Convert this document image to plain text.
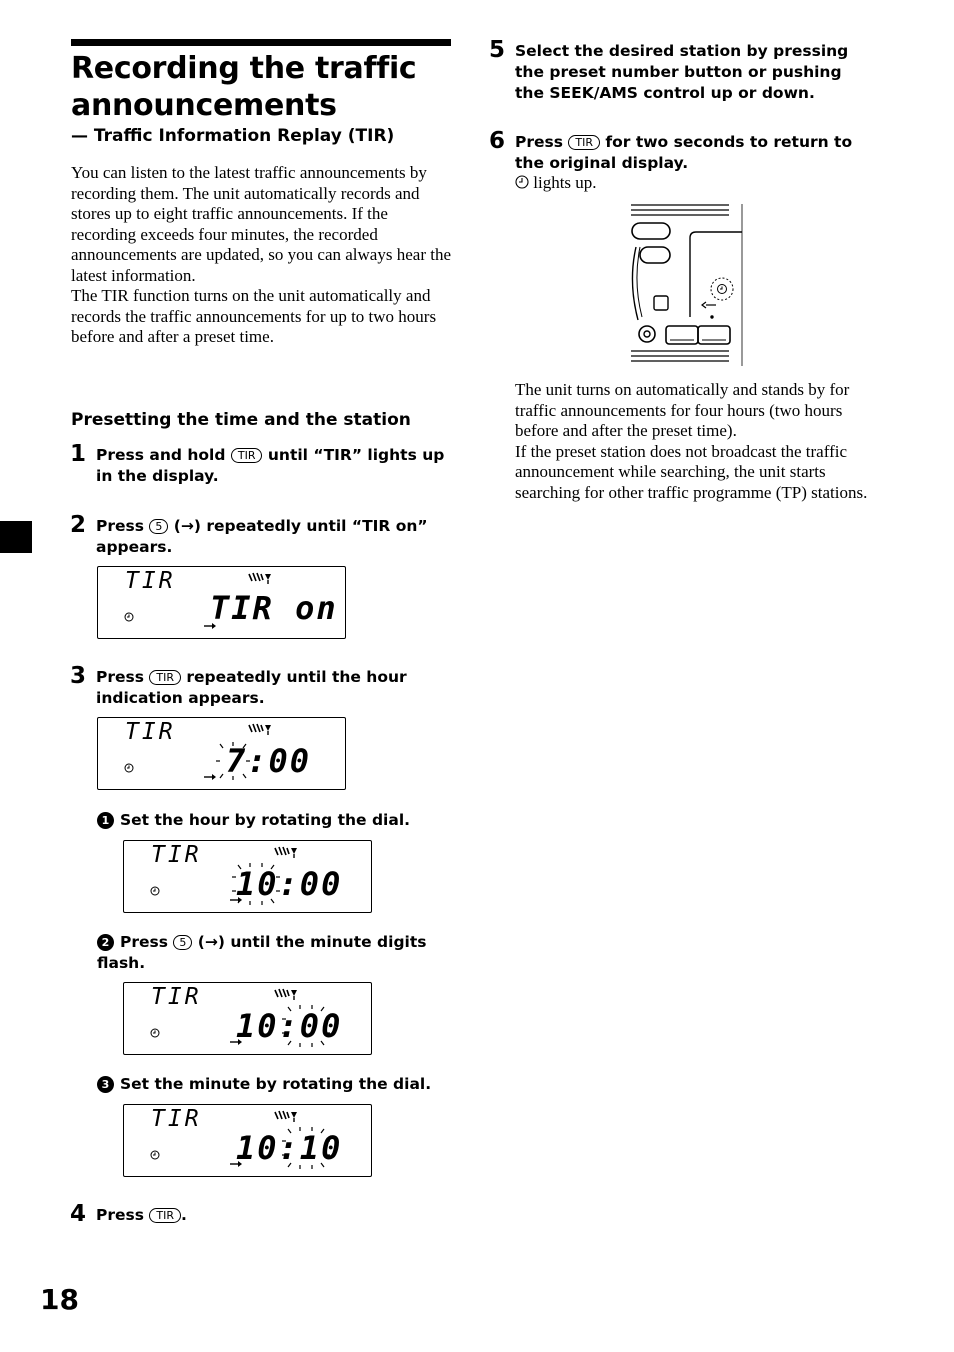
Recording the traffic announcements
— Traffic Information Replay (TIR)

You can listen to the latest traffic announcements by recording them. The unit automatically records and stores up to eight traffic announcements. If the recording exceeds four minutes, the recorded announcements are updated, so you can always hear the latest information.

The TIR function turns on the unit automatically and records the traffic announcements for up to two hours before and after a preset time.

Presetting the time and the station
1 Press and hold TIR until “TIR” lights up in the display.
2 Press 5 (→) repeatedly until “TIR on” appears.
TIR
TIR on
3 Press TIR repeatedly until the hour indication appears.
TIR
7:00
1 Set the hour by rotating the dial.
TIR
10:00
2 Press 5 (→) until the minute digits flash.
TIR
10:00
3 Set the minute by rotating the dial.
TIR
10:10
4 Press TIR .
18
5 Select the desired station by pressing the preset number button or pushing the SEEK/AMS control up or down.
6 Press TIR for two seconds to return to the original display.
lights up.

The unit turns on automatically and stands by for traffic announcements for four hours (two hours before and after the preset time).

If the preset station does not broadcast the traffic announcement while searching, the unit starts searching for other traffic programme (TP) stations.
